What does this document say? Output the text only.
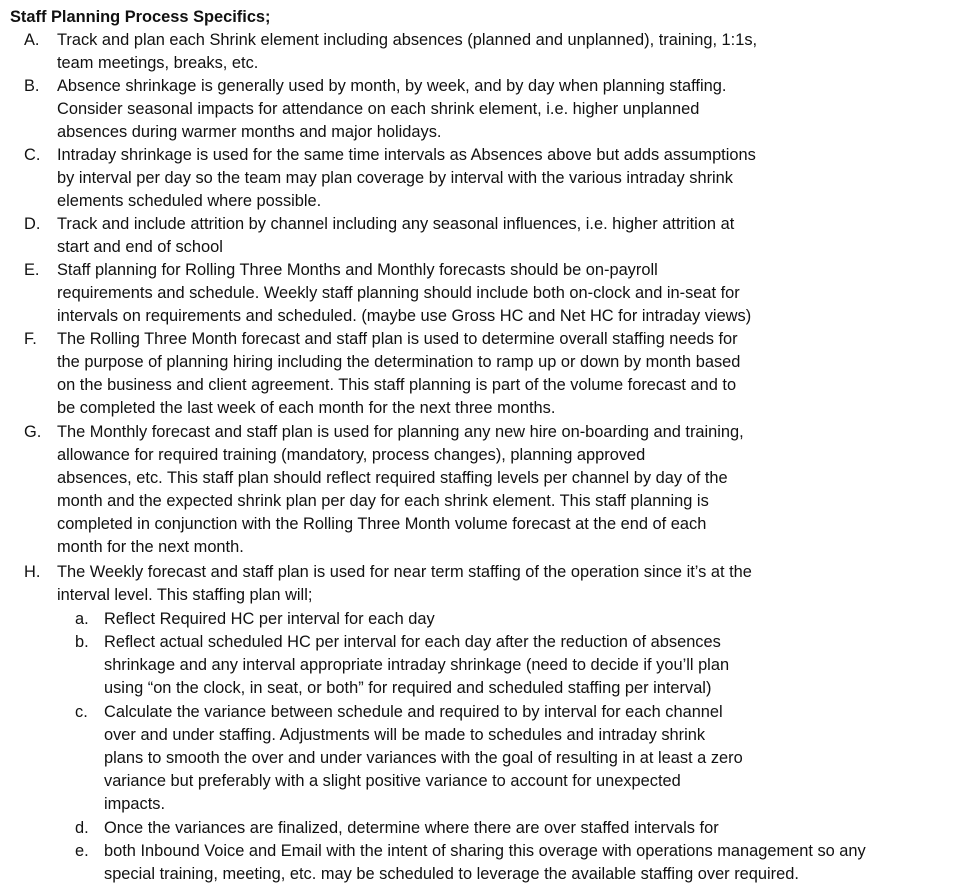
Staff Planning Process Specifics;
A.	Track and plan each Shrink element including absences (planned and unplanned), training, 1:1s,
team meetings, breaks, etc.
B.	Absence shrinkage is generally used by month, by week, and by day when planning staffing.
Consider seasonal impacts for attendance on each shrink element, i.e. higher unplanned
absences during warmer months and major holidays.
C.	Intraday shrinkage is used for the same time intervals as Absences above but adds assumptions
by interval per day so the team may plan coverage by interval with the various intraday shrink
elements scheduled where possible.
D.	Track and include attrition by channel including any seasonal influences, i.e. higher attrition at
start and end of school
E.	Staff planning for Rolling Three Months and Monthly forecasts should be on-payroll
requirements and schedule. Weekly staff planning should include both on-clock and in-seat for
intervals on requirements and scheduled. (maybe use Gross HC and Net HC for intraday views)
F.	The Rolling Three Month forecast and staff plan is used to determine overall staffing needs for
the purpose of planning hiring including the determination to ramp up or down by month based
on the business and client agreement. This staff planning is part of the volume forecast and to
be completed the last week of each month for the next three months.
G. The Monthly forecast and staff plan is used for planning any new hire on-boarding and training,
allowance for required training (mandatory, process changes), planning approved
absences, etc. This staff plan should reflect required staffing levels per channel by day of the
month and the expected shrink plan per day for each shrink element. This staff planning is
completed in conjunction with the Rolling Three Month volume forecast at the end of each
month for the next month.
H.	The Weekly forecast and staff plan is used for near term staffing of the operation since it’s at the
interval level. This staffing plan will;
a. Reflect Required HC per interval for each day
b. Reflect actual scheduled HC per interval for each day after the reduction of absences
shrinkage and any interval appropriate intraday shrinkage (need to decide if you’ll plan
using “on the clock, in seat, or both” for required and scheduled staffing per interval)
c. Calculate the variance between schedule and required to by interval for each channel
over and under staffing. Adjustments will be made to schedules and intraday shrink
plans to smooth the over and under variances with the goal of resulting in at least a zero
variance but preferably with a slight positive variance to account for unexpected
impacts.
d. Once the variances are finalized, determine where there are over staffed intervals for
e. both Inbound Voice and Email with the intent of sharing this overage with operations management so any
special training, meeting, etc. may be scheduled to leverage the available staffing over required.
